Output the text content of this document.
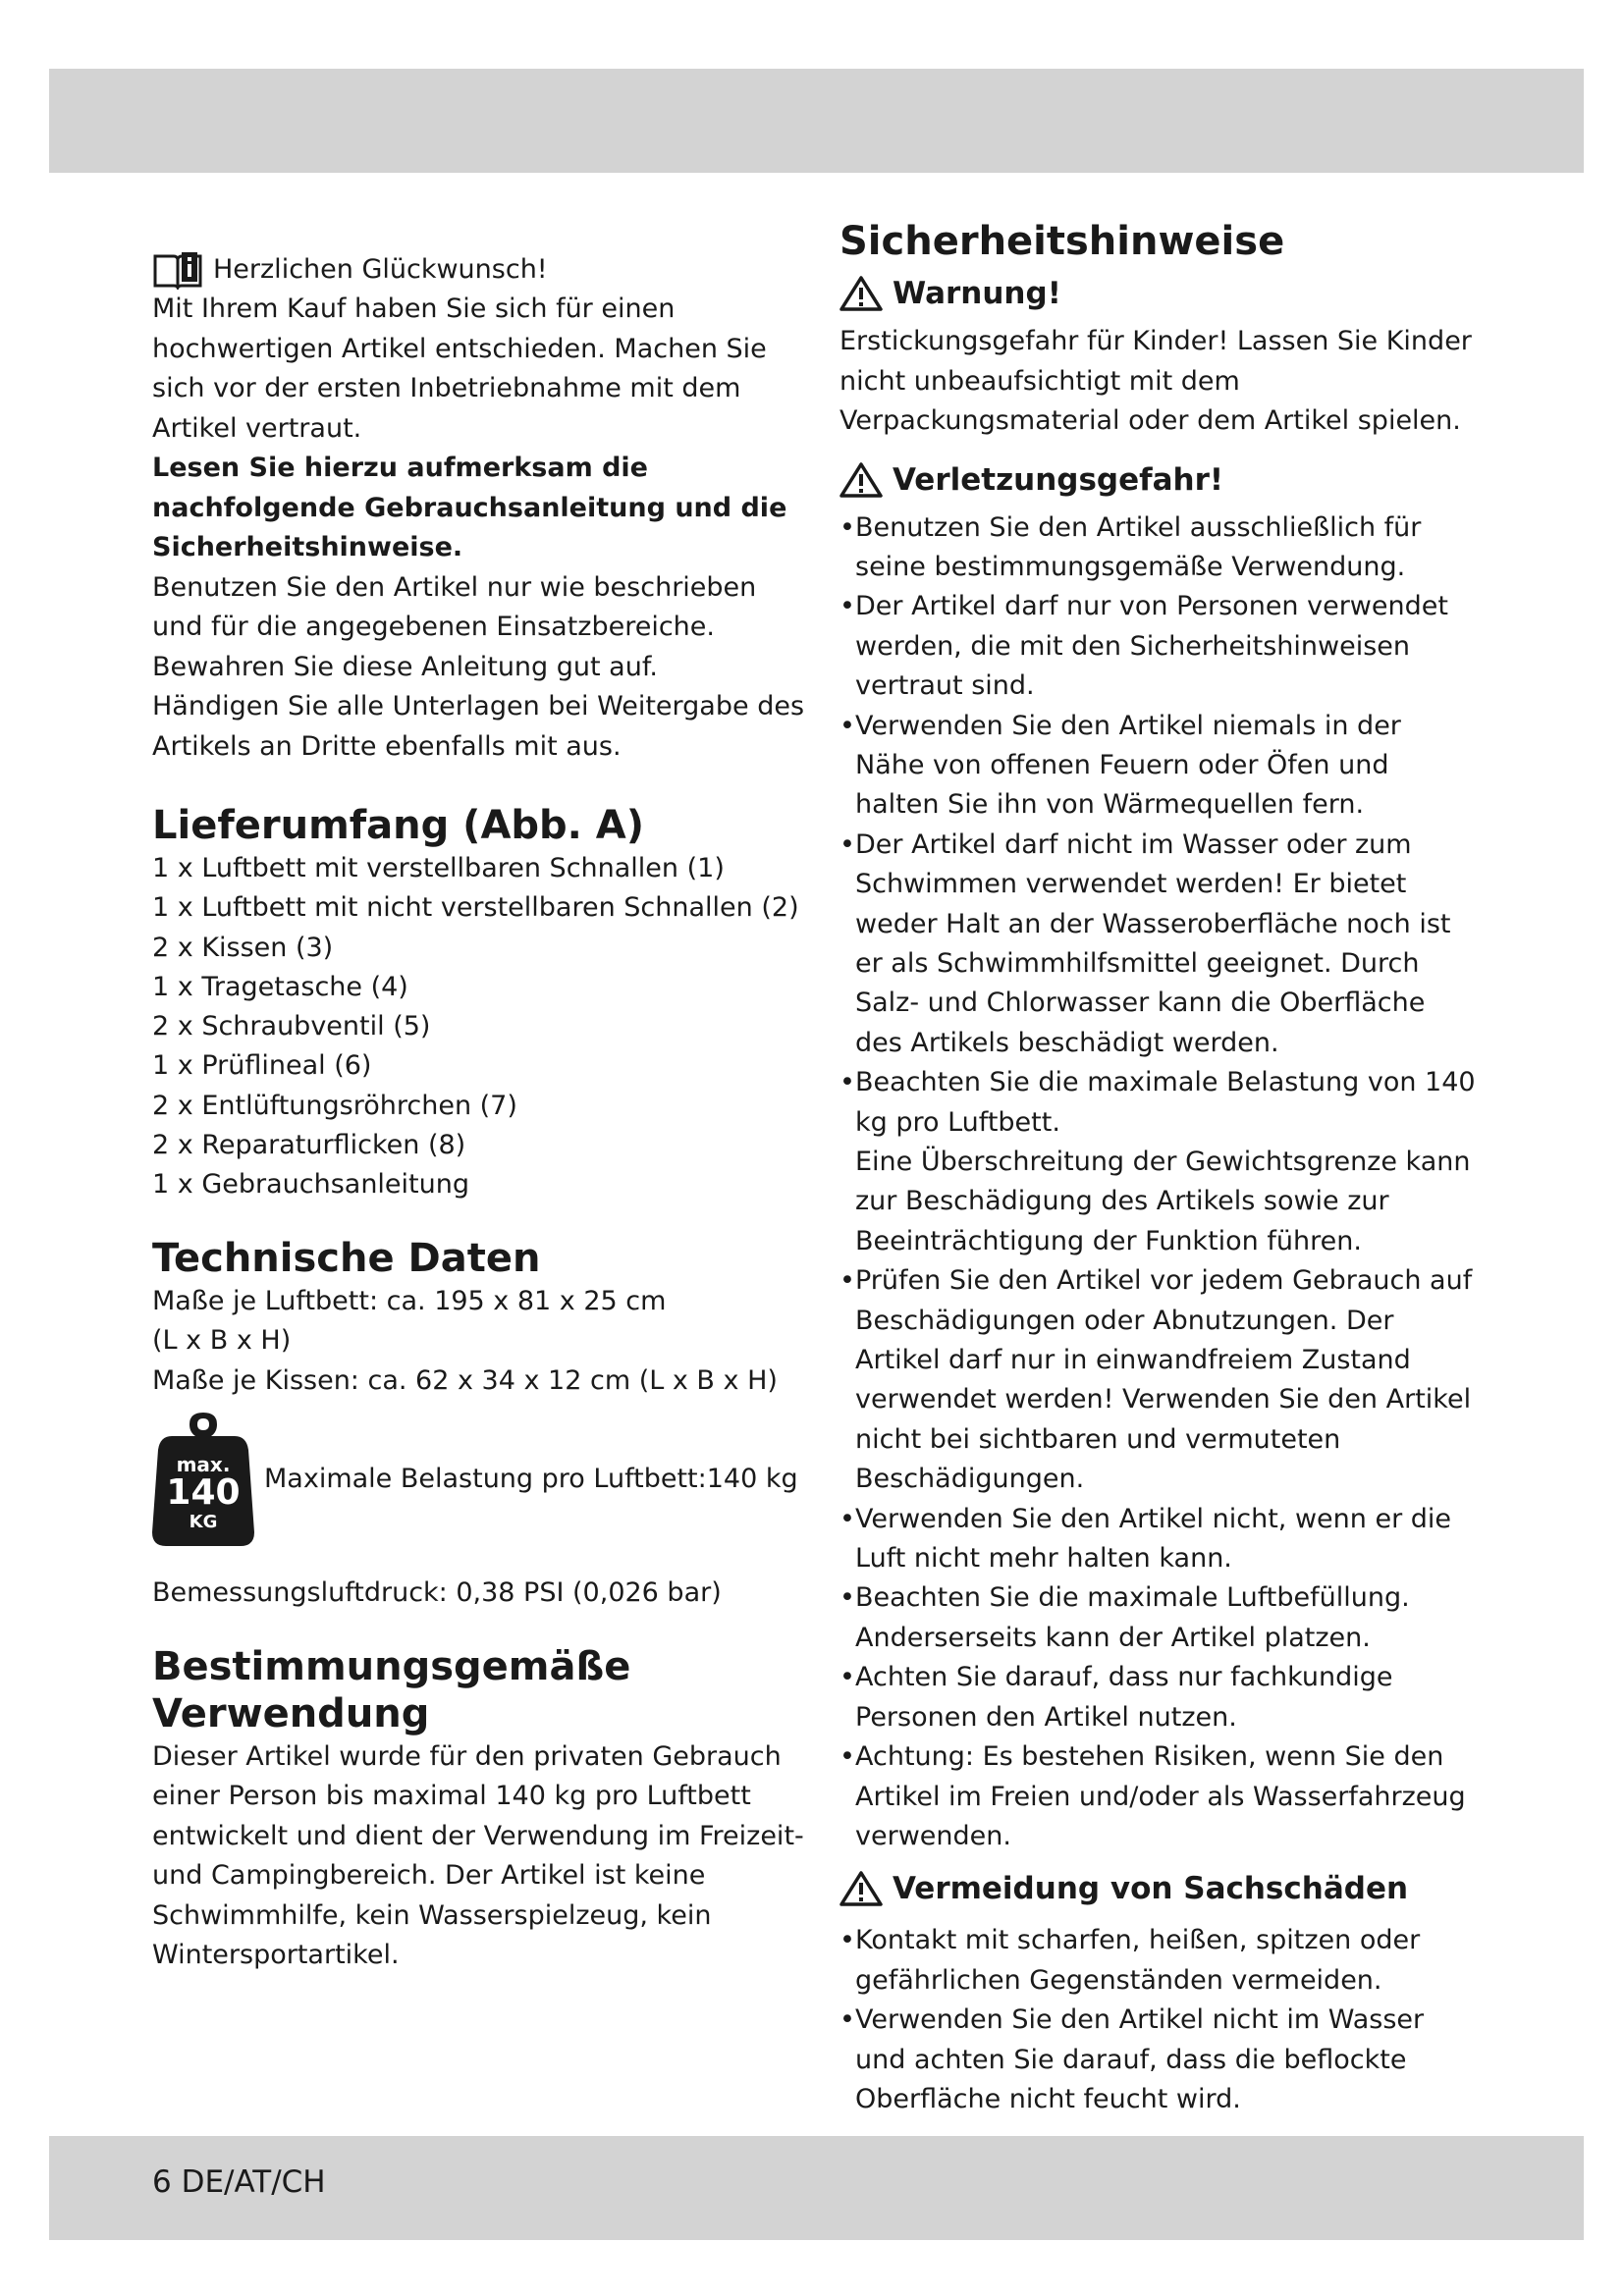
Herzlichen Glückwunsch!

Mit Ihrem Kauf haben Sie sich für einen hochwertigen Artikel entschieden. Machen Sie sich vor der ersten Inbetriebnahme mit dem Artikel vertraut.

Lesen Sie hierzu aufmerksam die nachfolgende Gebrauchsanleitung und die Sicherheitshinweise.

Benutzen Sie den Artikel nur wie beschrieben und für die angegebenen Einsatzbereiche.

Bewahren Sie diese Anleitung gut auf.

Händigen Sie alle Unterlagen bei Weitergabe des Artikels an Dritte ebenfalls mit aus.

Lieferumfang (Abb. A)

1 x Luftbett mit verstellbaren Schnallen (1)

1 x Luftbett mit nicht verstellbaren Schnallen (2)

2 x Kissen (3)

1 x Tragetasche (4)

2 x Schraubventil (5)

1 x Prüflineal (6)

2 x Entlüftungsröhrchen (7)

2 x Reparaturflicken (8)

1 x Gebrauchsanleitung

Technische Daten

Maße je Luftbett: ca. 195 x 81 x 25 cm

(L x B x H)

Maße je Kissen: ca. 62 x 34 x 12 cm (L x B x H)

max.
140
KG
Maximale Belastung pro Luftbett:140 kg

Bemessungsluftdruck: 0,38 PSI (0,026 bar)

Bestimmungsgemäße
Verwendung

Dieser Artikel wurde für den privaten Gebrauch einer Person bis maximal 140 kg pro Luftbett entwickelt und dient der Verwendung im Freizeit- und Campingbereich. Der Artikel ist keine Schwimmhilfe, kein Wasserspielzeug, kein Wintersportartikel.

Sicherheitshinweise
Warnung!

Erstickungsgefahr für Kinder! Lassen Sie Kinder nicht unbeaufsichtigt mit dem Verpackungsmaterial oder dem Artikel spielen.

Verletzungsgefahr!
• Benutzen Sie den Artikel ausschließlich für seine bestimmungsgemäße Verwendung.
• Der Artikel darf nur von Personen verwendet werden, die mit den Sicherheitshinweisen vertraut sind.
• Verwenden Sie den Artikel niemals in der Nähe von offenen Feuern oder Öfen und halten Sie ihn von Wärmequellen fern.
• Der Artikel darf nicht im Wasser oder zum Schwimmen verwendet werden! Er bietet weder Halt an der Wasseroberfläche noch ist er als Schwimmhilfsmittel geeignet. Durch Salz- und Chlorwasser kann die Oberfläche des Artikels beschädigt werden.
• Beachten Sie die maximale Belastung von 140 kg pro Luftbett.
Eine Überschreitung der Gewichtsgrenze kann zur Beschädigung des Artikels sowie zur Beeinträchtigung der Funktion führen.
• Prüfen Sie den Artikel vor jedem Gebrauch auf Beschädigungen oder Abnutzungen. Der Artikel darf nur in einwandfreiem Zustand verwendet werden! Verwenden Sie den Artikel nicht bei sichtbaren und vermuteten Beschädigungen.
• Verwenden Sie den Artikel nicht, wenn er die Luft nicht mehr halten kann.
• Beachten Sie die maximale Luftbefüllung. Anderserseits kann der Artikel platzen.
• Achten Sie darauf, dass nur fachkundige Personen den Artikel nutzen.
• Achtung: Es bestehen Risiken, wenn Sie den Artikel im Freien und/oder als Wasserfahrzeug verwenden.
Vermeidung von Sachschäden
• Kontakt mit scharfen, heißen, spitzen oder gefährlichen Gegenständen vermeiden.
• Verwenden Sie den Artikel nicht im Wasser und achten Sie darauf, dass die beflockte Oberfläche nicht feucht wird.
6 DE/AT/CH
